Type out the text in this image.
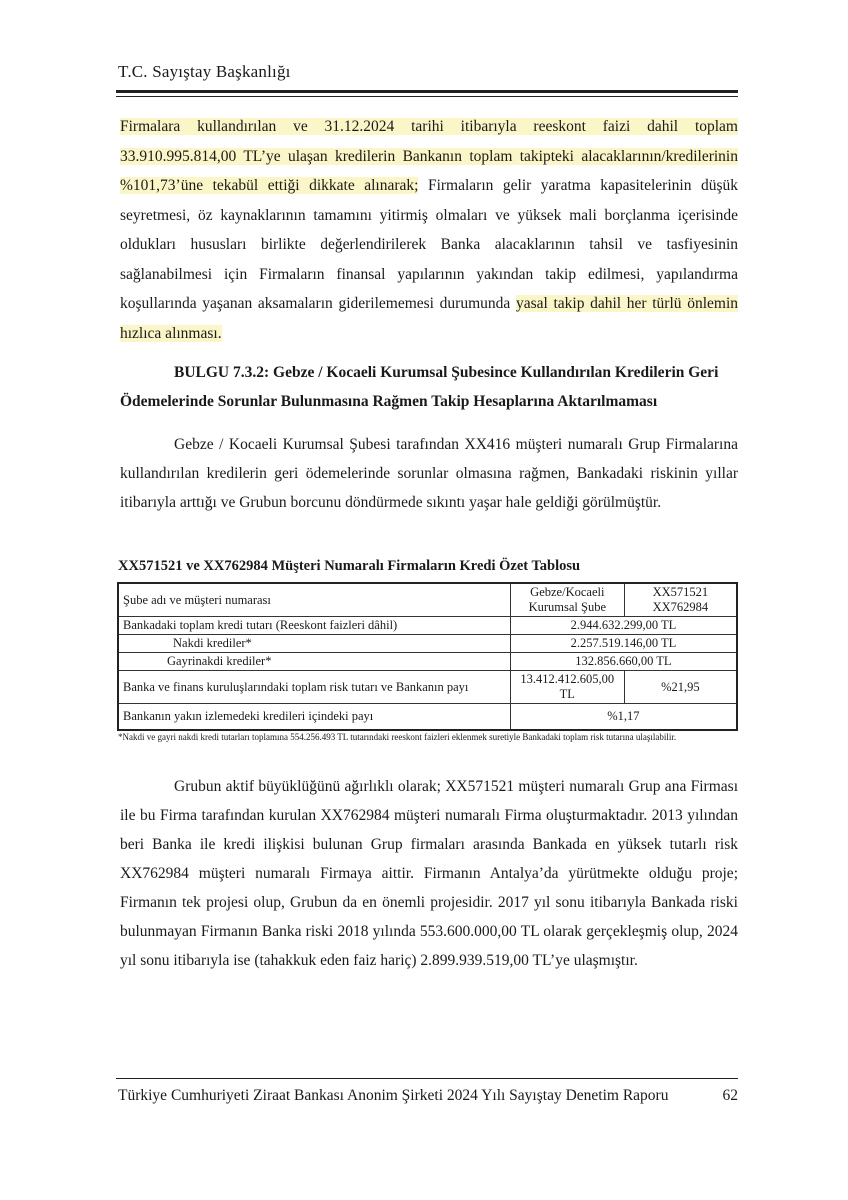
T.C. Sayıştay Başkanlığı
Firmalara kullandırılan ve 31.12.2024 tarihi itibarıyla reeskont faizi dahil toplam 33.910.995.814,00 TL’ye ulaşan kredilerin Bankanın toplam takipteki alacaklarının/kredilerinin %101,73’üne tekabül ettiği dikkate alınarak; Firmaların gelir yaratma kapasitelerinin düşük seyretmesi, öz kaynaklarının tamamını yitirmiş olmaları ve yüksek mali borçlanma içerisinde oldukları hususları birlikte değerlendirilerek Banka alacaklarının tahsil ve tasfiyesinin sağlanabilmesi için Firmaların finansal yapılarının yakından takip edilmesi, yapılandırma koşullarında yaşanan aksamaların giderilememesi durumunda yasal takip dahil her türlü önlemin hızlıca alınması.
BULGU 7.3.2: Gebze / Kocaeli Kurumsal Şubesince Kullandırılan Kredilerin Geri Ödemelerinde Sorunlar Bulunmasına Rağmen Takip Hesaplarına Aktarılmaması
Gebze / Kocaeli Kurumsal Şubesi tarafından XX416 müşteri numaralı Grup Firmalarına kullandırılan kredilerin geri ödemelerinde sorunlar olmasına rağmen, Bankadaki riskinin yıllar itibarıyla arttığı ve Grubun borcunu döndürmede sıkıntı yaşar hale geldiği görülmüştür.
XX571521 ve XX762984 Müşteri Numaralı Firmaların Kredi Özet Tablosu
Şube adı ve müşteri numarası	Gebze/Kocaeli Kurumsal Şube	XX571521 XX762984
Bankadaki toplam kredi tutarı (Reeskont faizleri dâhil)	2.944.632.299,00 TL	
Nakdi krediler*	2.257.519.146,00 TL	
Gayrinakdi krediler*	132.856.660,00 TL	
Banka ve finans kuruluşlarındaki toplam risk tutarı ve Bankanın payı	13.412.412.605,00 TL	%21,95
Bankanın yakın izlemedeki kredileri içindeki payı	%1,17	
*Nakdi ve gayri nakdi kredi tutarları toplamına 554.256.493 TL tutarındaki reeskont faizleri eklenmek suretiyle Bankadaki toplam risk tutarına ulaşılabilir.
Grubun aktif büyüklüğünü ağırlıklı olarak; XX571521 müşteri numaralı Grup ana Firması ile bu Firma tarafından kurulan XX762984 müşteri numaralı Firma oluşturmaktadır. 2013 yılından beri Banka ile kredi ilişkisi bulunan Grup firmaları arasında Bankada en yüksek tutarlı risk XX762984 müşteri numaralı Firmaya aittir. Firmanın Antalya’da yürütmekte olduğu proje; Firmanın tek projesi olup, Grubun da en önemli projesidir. 2017 yıl sonu itibarıyla Bankada riski bulunmayan Firmanın Banka riski 2018 yılında 553.600.000,00 TL olarak gerçekleşmiş olup, 2024 yıl sonu itibarıyla ise (tahakkuk eden faiz hariç) 2.899.939.519,00 TL’ye ulaşmıştır.
Türkiye Cumhuriyeti Ziraat Bankası Anonim Şirketi 2024 Yılı Sayıştay Denetim Raporu	62
